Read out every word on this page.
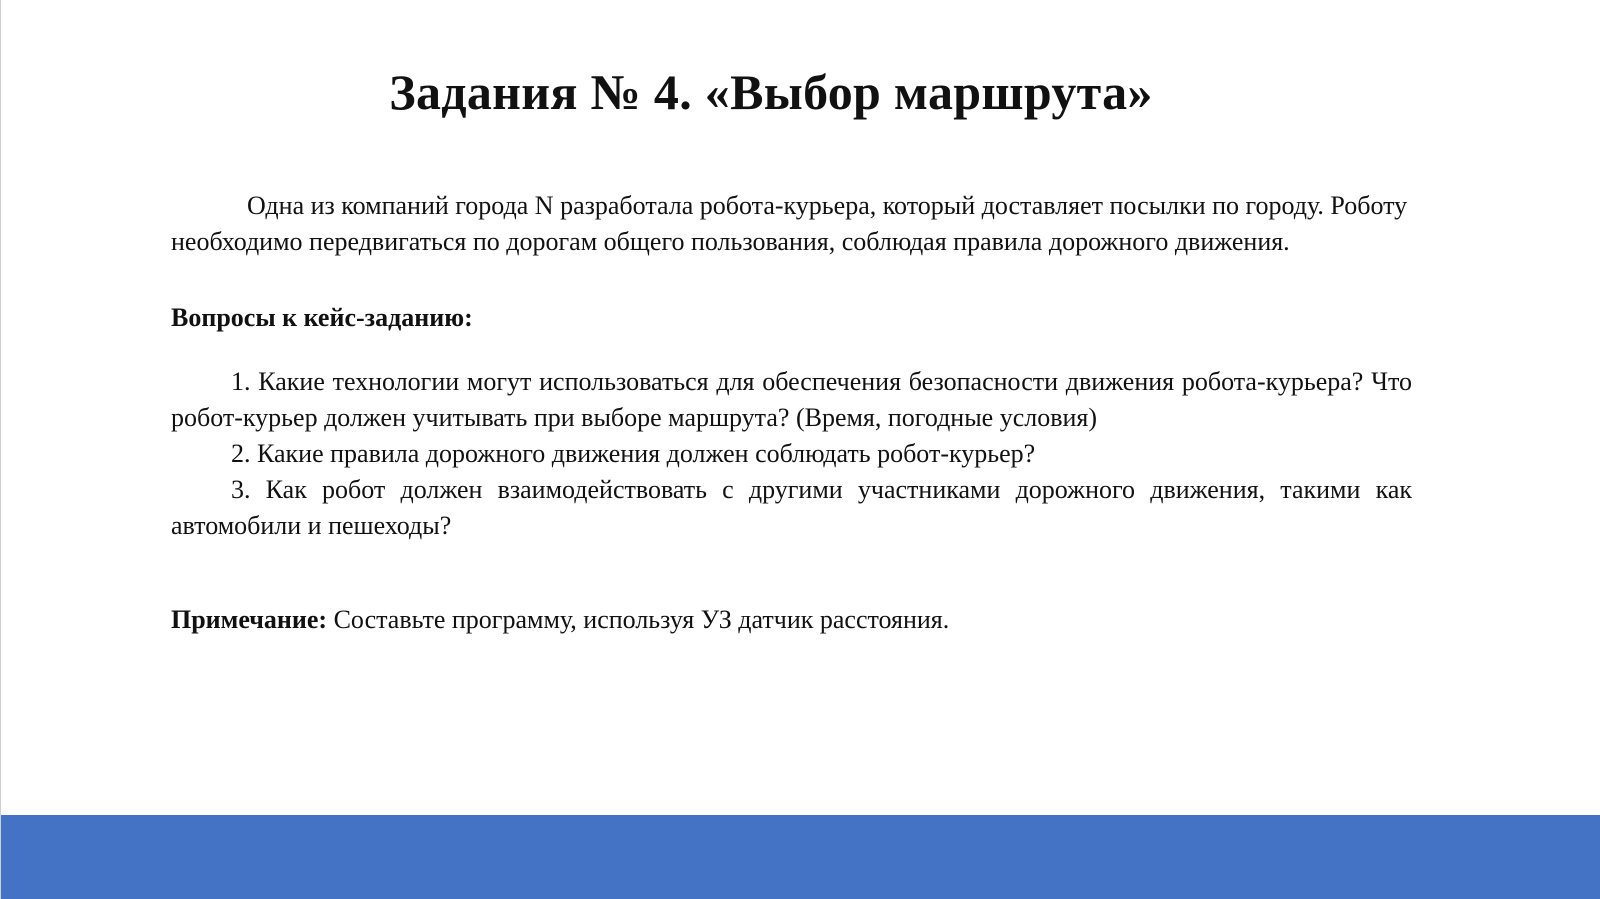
Задания № 4. «Выбор маршрута»

Одна из компаний города N разработала робота-курьера, который доставляет посылки по городу. Роботу необходимо передвигаться по дорогам общего пользования, соблюдая правила дорожного движения.

Вопросы к кейс-заданию:

1. Какие технологии могут использоваться для обеспечения безопасности движения робота-курьера? Что робот-курьер должен учитывать при выборе маршрута? (Время, погодные условия)

2. Какие правила дорожного движения должен соблюдать робот-курьер?

3. Как робот должен взаимодействовать с другими участниками дорожного движения, такими как автомобили и пешеходы?

Примечание: Составьте программу, используя УЗ датчик расстояния.
